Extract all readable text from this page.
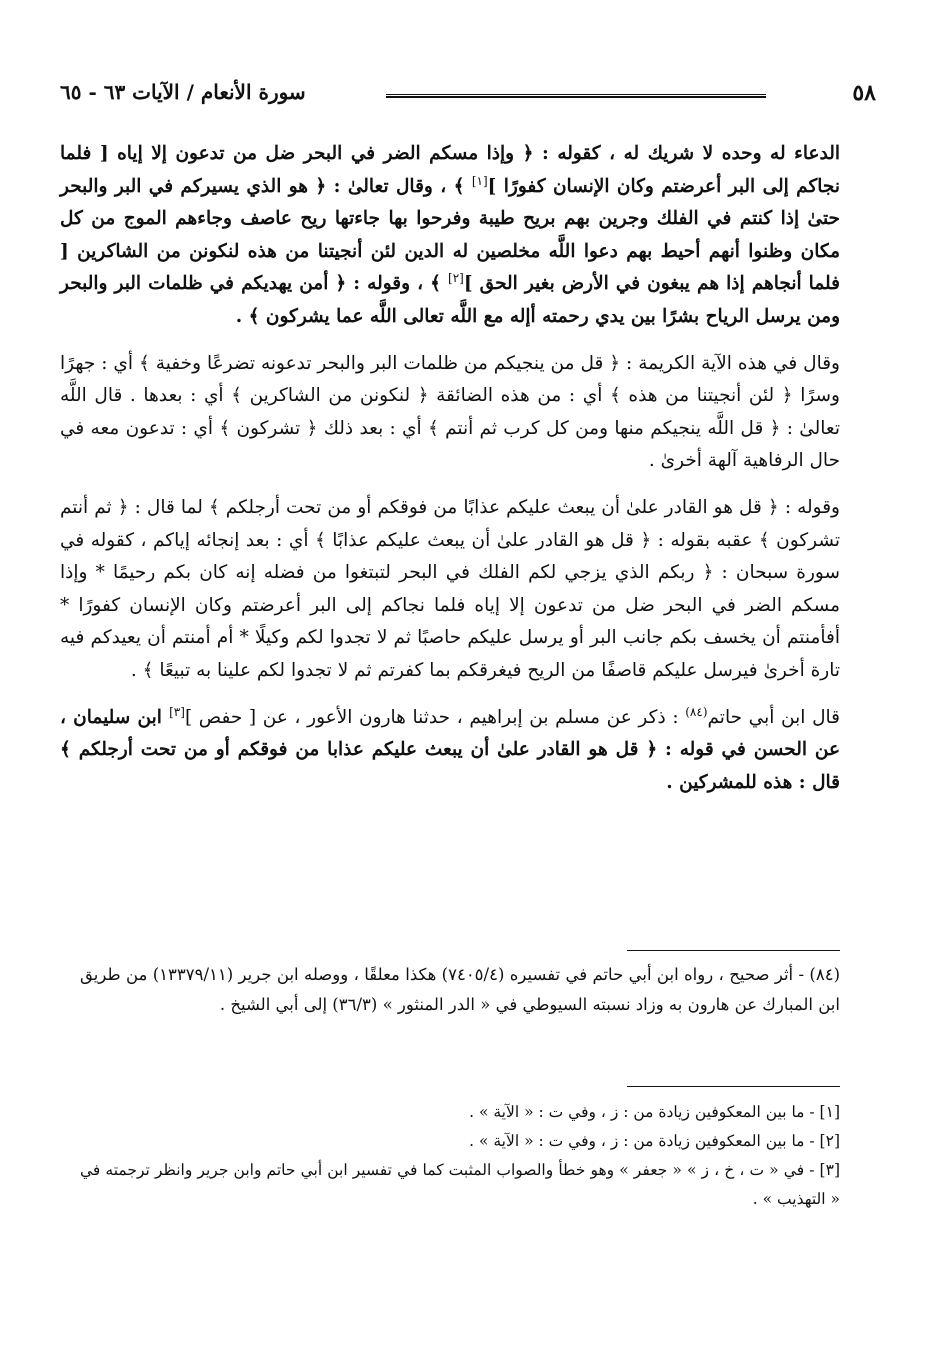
٥٨
سورة الأنعام / الآيات ٦٣ - ٦٥

الدعاء له وحده لا شريك له ، كقوله : ﴿ وإذا مسكم الضر في البحر ضل من تدعون إلا إياه [ فلما نجاكم إلى البر أعرضتم وكان الإنسان كفورًا ][١] ﴾ ، وقال تعالىٰ : ﴿ هو الذي يسيركم في البر والبحر حتىٰ إذا كنتم في الفلك وجرين بهم بريح طيبة وفرحوا بها جاءتها ريح عاصف وجاءهم الموج من كل مكان وظنوا أنهم أحيط بهم دعوا اللَّه مخلصين له الدين لئن أنجيتنا من هذه لنكونن من الشاكرين [ فلما أنجاهم إذا هم يبغون في الأرض بغير الحق ][٢] ﴾ ، وقوله : ﴿ أمن يهديكم في ظلمات البر والبحر ومن يرسل الرياح بشرًا بين يدي رحمته أإله مع اللَّه تعالى اللَّه عما يشركون ﴾ .

وقال في هذه الآية الكريمة : ﴿ قل من ينجيكم من ظلمات البر والبحر تدعونه تضرعًا وخفية ﴾ أي : جهرًا وسرًا ﴿ لئن أنجيتنا من هذه ﴾ أي : من هذه الضائقة ﴿ لنكونن من الشاكرين ﴾ أي : بعدها . قال اللَّه تعالىٰ : ﴿ قل اللَّه ينجيكم منها ومن كل كرب ثم أنتم ﴾ أي : بعد ذلك ﴿ تشركون ﴾ أي : تدعون معه في حال الرفاهية آلهة أخرىٰ .

وقوله : ﴿ قل هو القادر علىٰ أن يبعث عليكم عذابًا من فوقكم أو من تحت أرجلكم ﴾ لما قال : ﴿ ثم أنتم تشركون ﴾ عقبه بقوله : ﴿ قل هو القادر علىٰ أن يبعث عليكم عذابًا ﴾ أي : بعد إنجائه إياكم ، كقوله في سورة سبحان : ﴿ ربكم الذي يزجي لكم الفلك في البحر لتبتغوا من فضله إنه كان بكم رحيمًا * وإذا مسكم الضر في البحر ضل من تدعون إلا إياه فلما نجاكم إلى البر أعرضتم وكان الإنسان كفورًا * أفأمنتم أن يخسف بكم جانب البر أو يرسل عليكم حاصبًا ثم لا تجدوا لكم وكيلًا * أم أمنتم أن يعيدكم فيه تارة أخرىٰ فيرسل عليكم قاصفًا من الريح فيغرقكم بما كفرتم ثم لا تجدوا لكم علينا به تبيعًا ﴾ .

قال ابن أبي حاتم$^{(٨٤)}$ : ذكر عن مسلم بن إبراهيم ، حدثنا هارون الأعور ، عن [ حفص ][٣] ابن سليمان ، عن الحسن في قوله : ﴿ قل هو القادر علىٰ أن يبعث عليكم عذابا من فوقكم أو من تحت أرجلكم ﴾ قال : هذه للمشركين .

(٨٤) - أثر صحيح ، رواه ابن أبي حاتم في تفسيره (٧٤٠٥/٤) هكذا معلقًا ، ووصله ابن جرير (١٣٣٧٩/١١) من طريق ابن المبارك عن هارون به وزاد نسبته السيوطي في « الدر المنثور » (٣٦/٣) إلى أبي الشيخ .

[١] - ما بين المعكوفين زيادة من : ز ، وفي ت : « الآية » .

[٢] - ما بين المعكوفين زيادة من : ز ، وفي ت : « الآية » .

[٣] - في « ت ، خ ، ز » « جعفر » وهو خطأ والصواب المثبت كما في تفسير ابن أبي حاتم وابن جرير وانظر ترجمته في « التهذيب » .
